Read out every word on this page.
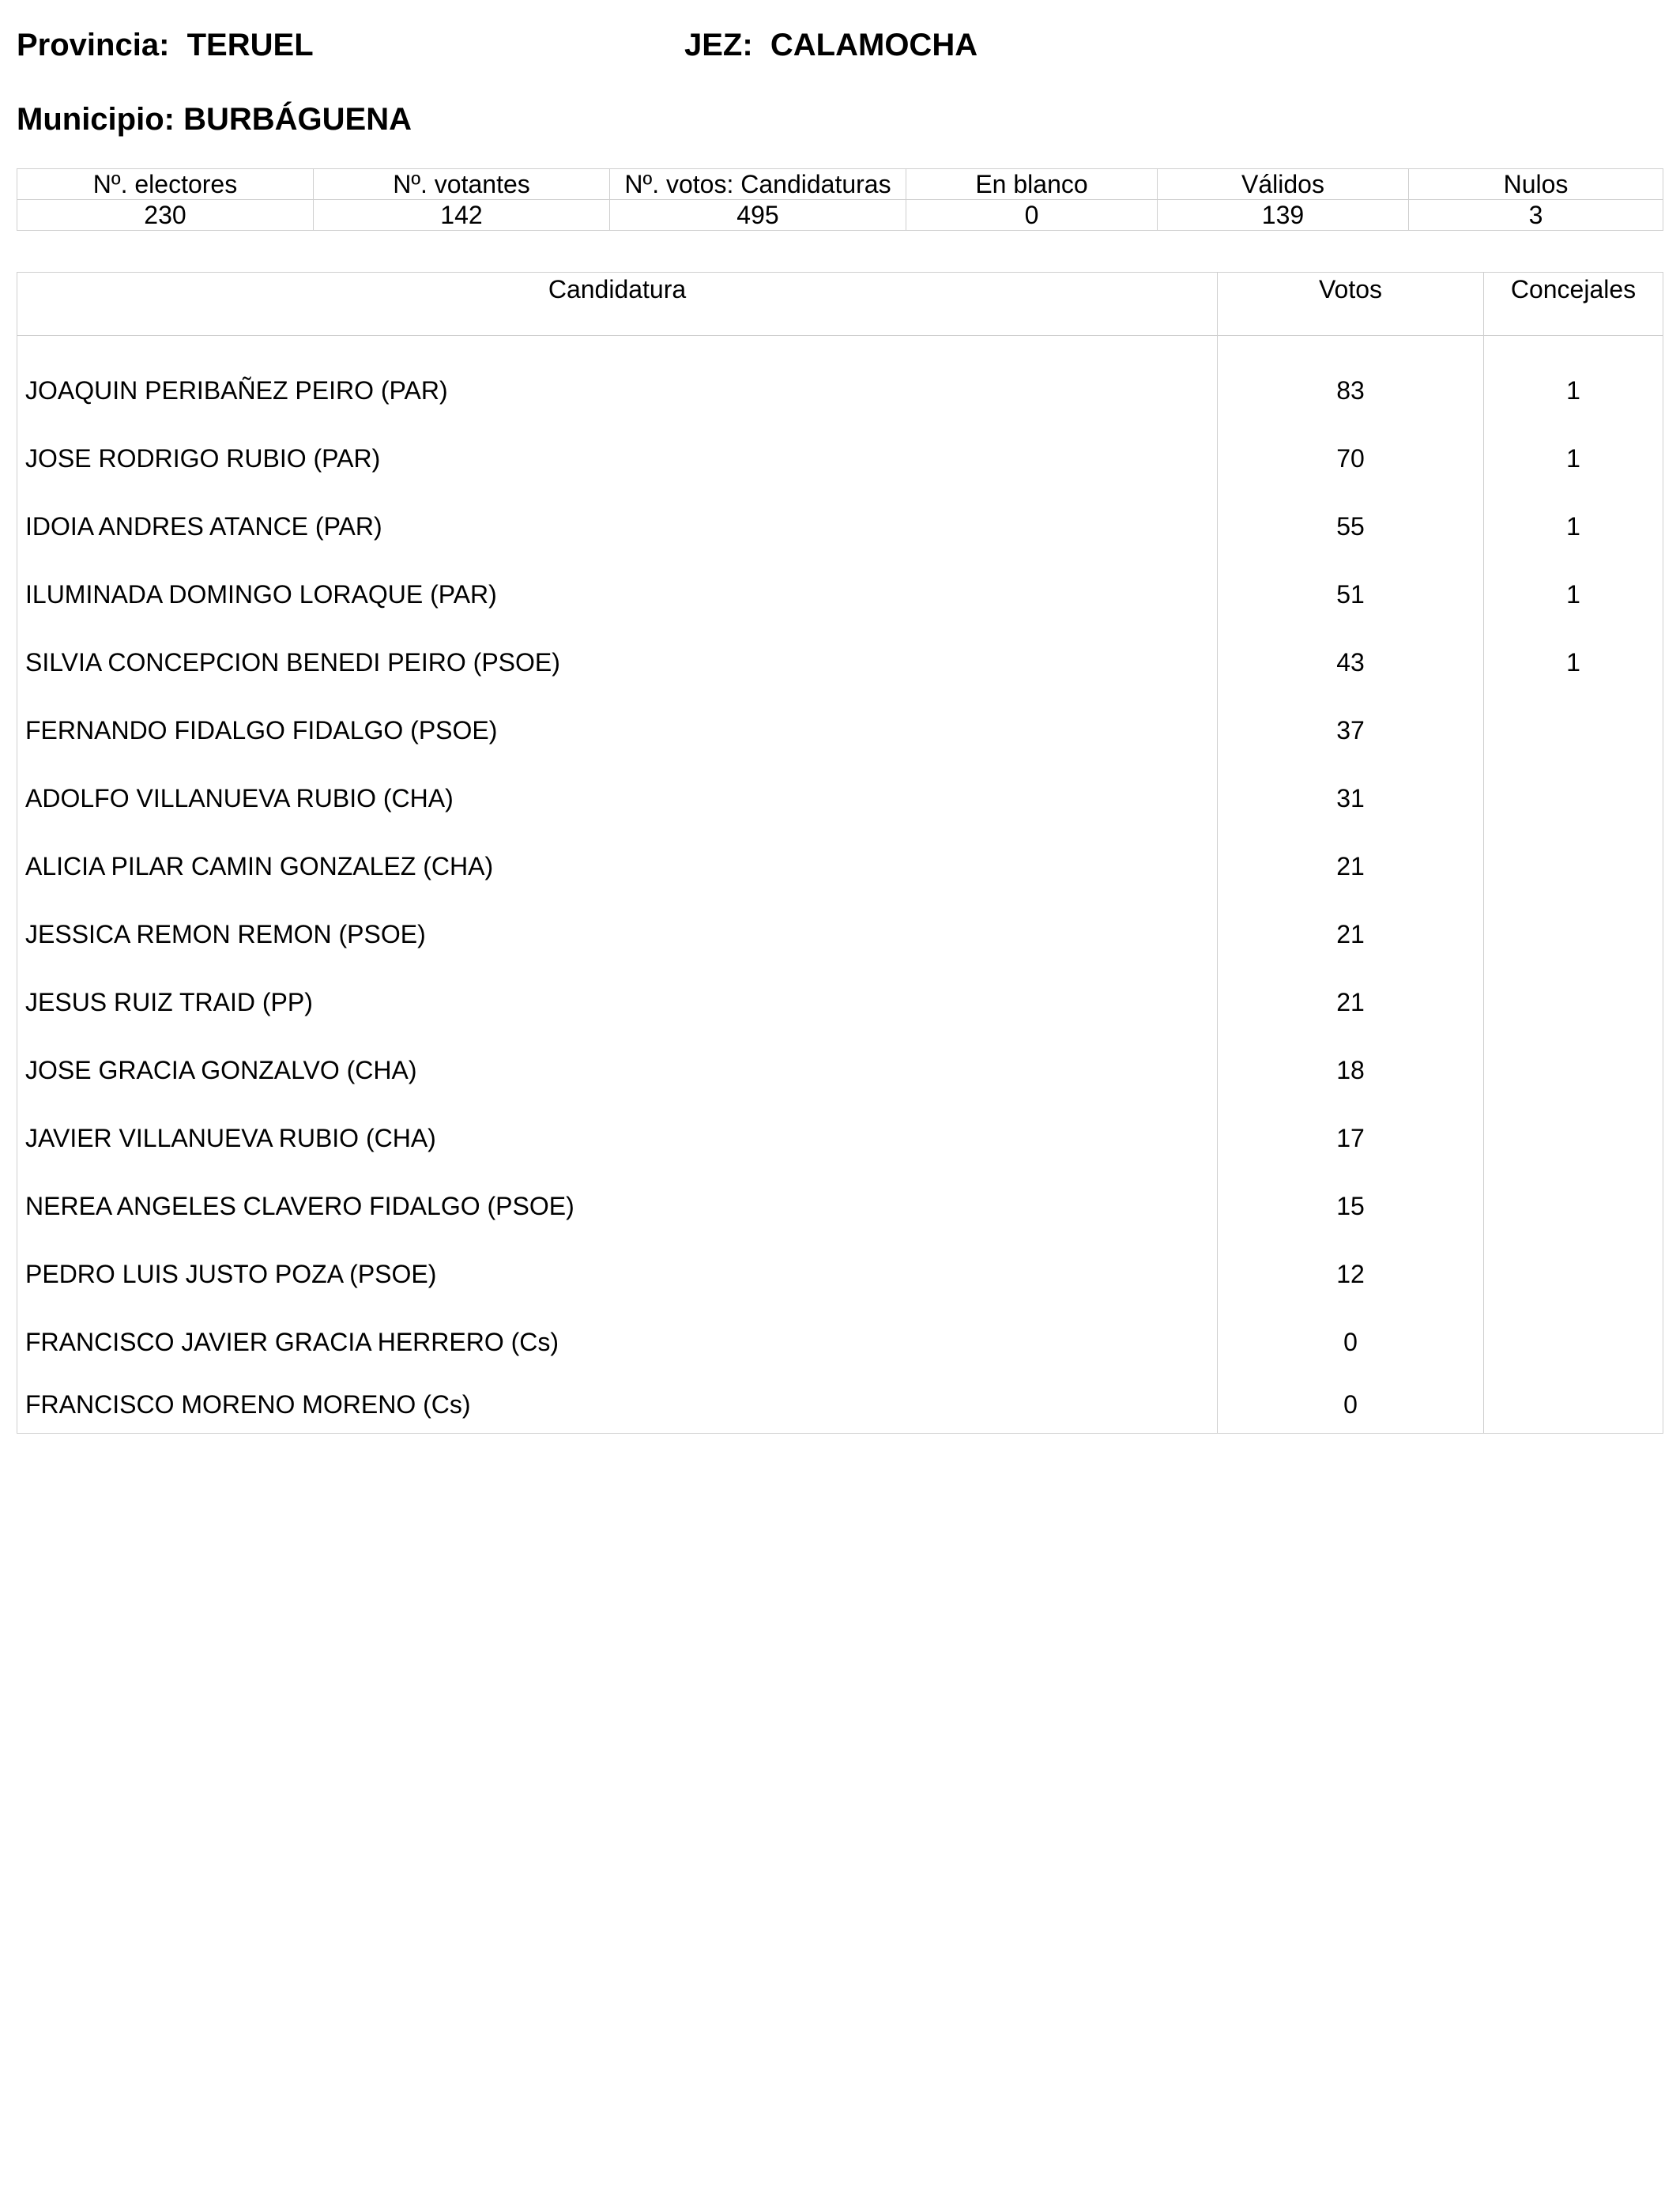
Provincia:  TERUEL	JEZ:  CALAMOCHA
Municipio: BURBÁGUENA
Nº. electores	Nº. votantes	Nº. votos: Candidaturas	En blanco	Válidos	Nulos
230	142	495	0	139	3
Candidatura	Votos	Concejales
JOAQUIN PERIBAÑEZ PEIRO (PAR)	83	1
JOSE RODRIGO RUBIO (PAR)	70	1
IDOIA ANDRES ATANCE (PAR)	55	1
ILUMINADA DOMINGO LORAQUE (PAR)	51	1
SILVIA CONCEPCION BENEDI PEIRO (PSOE)	43	1
FERNANDO FIDALGO FIDALGO (PSOE)	37	
ADOLFO VILLANUEVA RUBIO (CHA)	31	
ALICIA PILAR CAMIN GONZALEZ (CHA)	21	
JESSICA REMON REMON (PSOE)	21	
JESUS RUIZ TRAID (PP)	21	
JOSE GRACIA GONZALVO (CHA)	18	
JAVIER VILLANUEVA RUBIO (CHA)	17	
NEREA ANGELES CLAVERO FIDALGO (PSOE)	15	
PEDRO LUIS JUSTO POZA (PSOE)	12	
FRANCISCO JAVIER GRACIA HERRERO (Cs)	0	
FRANCISCO MORENO MORENO (Cs)	0	
